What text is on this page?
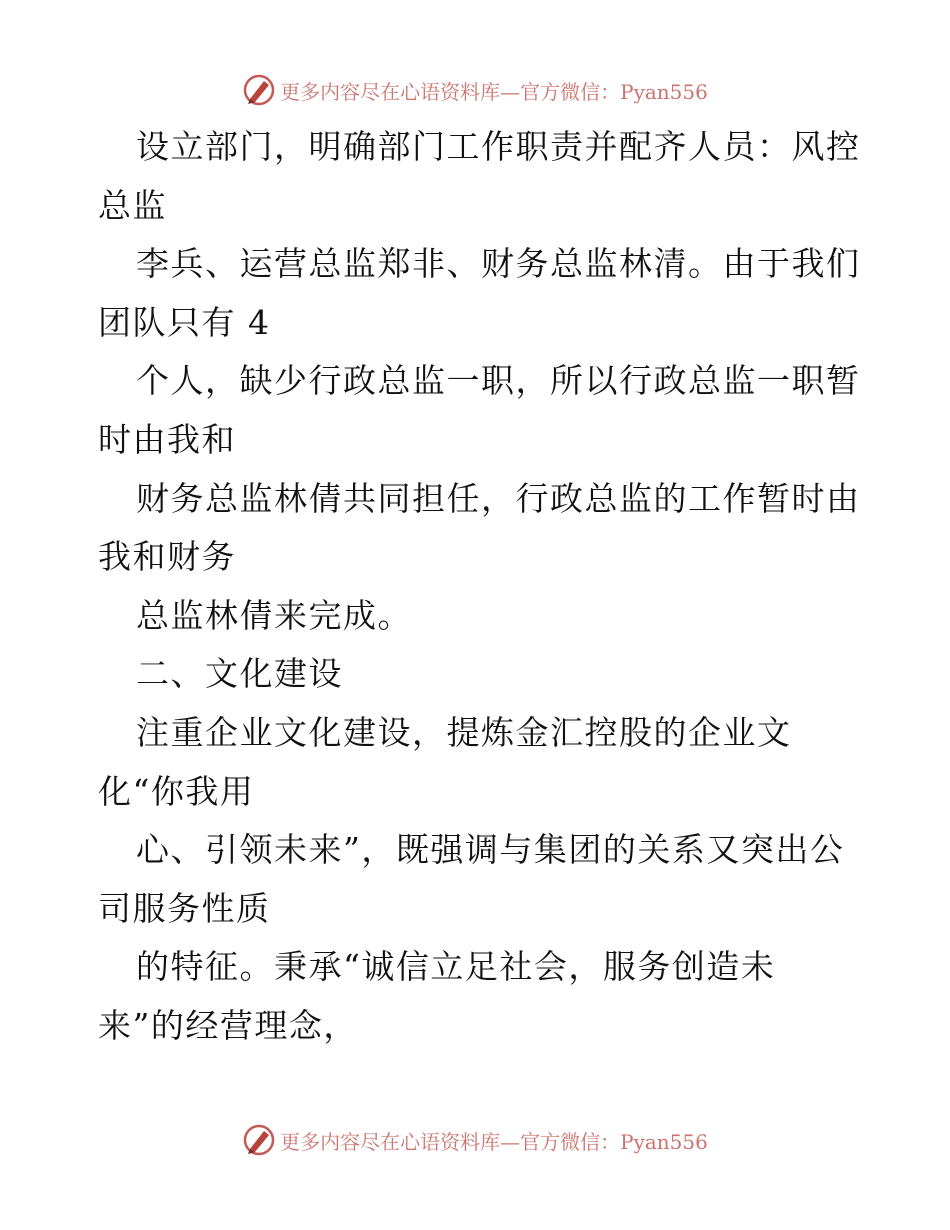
更多内容尽在心语资料库—官方微信：Pyan556
设立部门，明确部门工作职责并配齐人员：风控
总监
李兵、运营总监郑非、财务总监林清。由于我们
团队只有 4
个人，缺少行政总监一职，所以行政总监一职暂
时由我和
财务总监林倩共同担任，行政总监的工作暂时由
我和财务
总监林倩来完成。
二、文化建设
注重企业文化建设，提炼金汇控股的企业文
化“你我用
心、引领未来”，既强调与集团的关系又突出公
司服务性质
的特征。秉承“诚信立足社会，服务创造未
来”的经营理念，
更多内容尽在心语资料库—官方微信：Pyan556
